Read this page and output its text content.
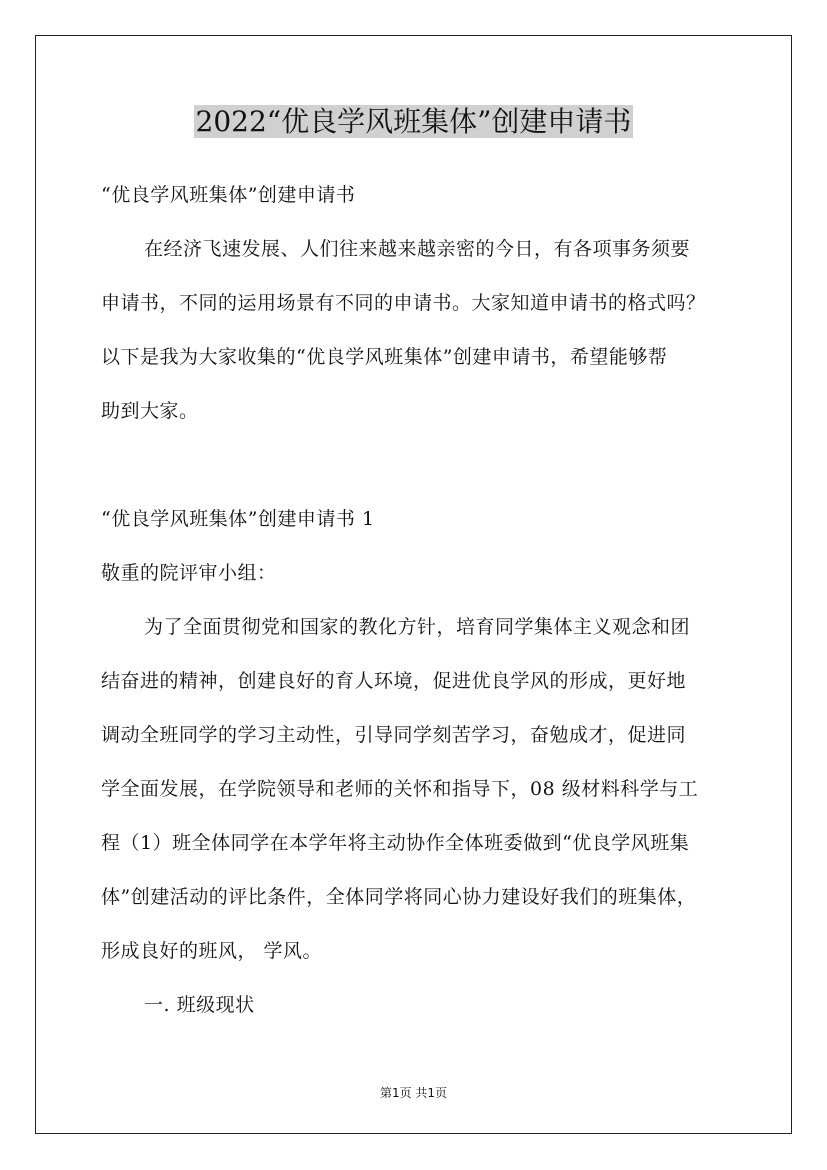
2022“优良学风班集体”创建申请书
“优良学风班集体”创建申请书
在经济飞速发展、人们往来越来越亲密的今日，有各项事务须要
申请书，不同的运用场景有不同的申请书。大家知道申请书的格式吗？
以下是我为大家收集的“优良学风班集体”创建申请书，希望能够帮
助到大家。
“优良学风班集体”创建申请书 1
敬重的院评审小组：
为了全面贯彻党和国家的教化方针，培育同学集体主义观念和团
结奋进的精神，创建良好的育人环境，促进优良学风的形成，更好地
调动全班同学的学习主动性，引导同学刻苦学习，奋勉成才，促进同
学全面发展，在学院领导和老师的关怀和指导下，08 级材料科学与工
程（1）班全体同学在本学年将主动协作全体班委做到“优良学风班集
体”创建活动的评比条件，全体同学将同心协力建设好我们的班集体，
形成良好的班风， 学风。
一. 班级现状
第1页 共1页
